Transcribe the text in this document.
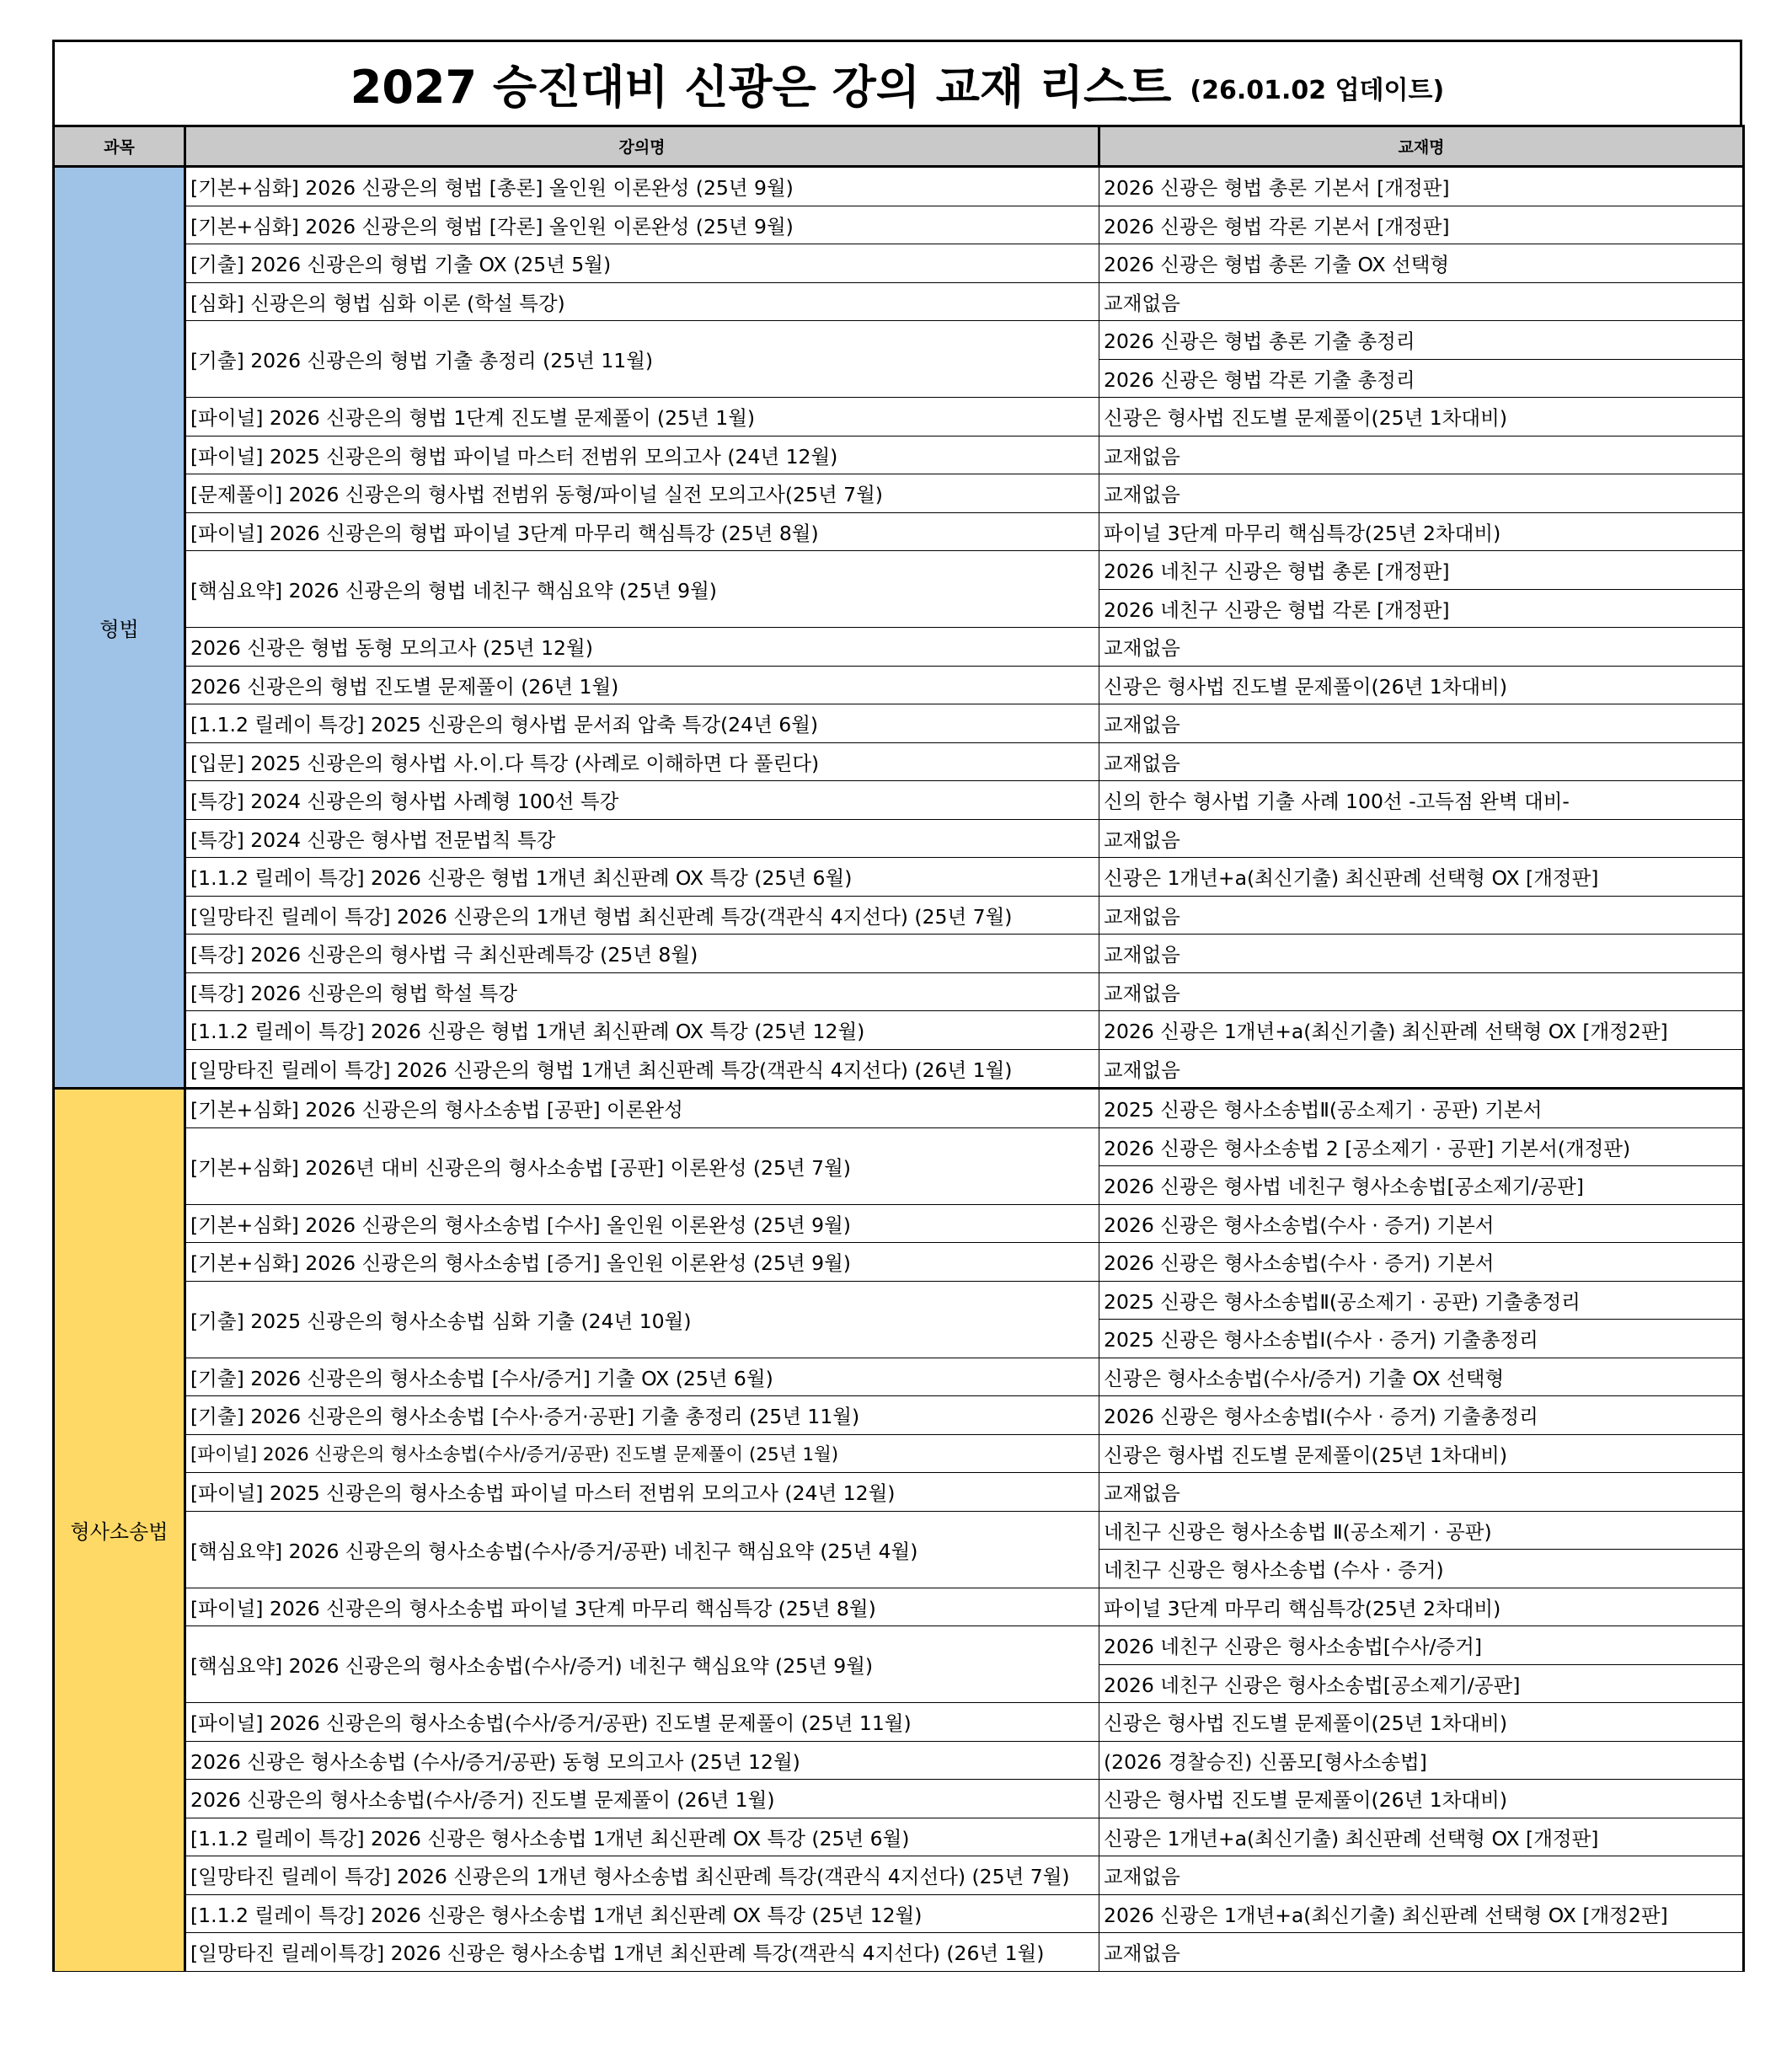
2027 승진대비 신광은 강의 교재 리스트 (26.01.02 업데이트)
과목	강의명	교재명
형법	[기본+심화] 2026 신광은의 형법 [총론] 올인원 이론완성 (25년 9월)	2026 신광은 형법 총론 기본서 [개정판]
	[기본+심화] 2026 신광은의 형법 [각론] 올인원 이론완성 (25년 9월)	2026 신광은 형법 각론 기본서 [개정판]
	[기출] 2026 신광은의 형법 기출 OX (25년 5월)	2026 신광은 형법 총론 기출 OX 선택형
	[심화] 신광은의 형법 심화 이론 (학설 특강)	교재없음
	[기출] 2026 신광은의 형법 기출 총정리 (25년 11월)	2026 신광은 형법 총론 기출 총정리
		2026 신광은 형법 각론 기출 총정리
	[파이널] 2026 신광은의 형법 1단계 진도별 문제풀이 (25년 1월)	신광은 형사법 진도별 문제풀이(25년 1차대비)
	[파이널] 2025 신광은의 형법 파이널 마스터 전범위 모의고사 (24년 12월)	교재없음
	[문제풀이] 2026 신광은의 형사법 전범위 동형/파이널 실전 모의고사(25년 7월)	교재없음
	[파이널] 2026 신광은의 형법 파이널 3단계 마무리 핵심특강 (25년 8월)	파이널 3단계 마무리 핵심특강(25년 2차대비)
	[핵심요약] 2026 신광은의 형법 네친구 핵심요약 (25년 9월)	2026 네친구 신광은 형법 총론 [개정판]
		2026 네친구 신광은 형법 각론 [개정판]
	2026 신광은 형법 동형 모의고사 (25년 12월)	교재없음
	2026 신광은의 형법 진도별 문제풀이 (26년 1월)	신광은 형사법 진도별 문제풀이(26년 1차대비)
	[1.1.2 릴레이 특강] 2025 신광은의 형사법 문서죄 압축 특강(24년 6월)	교재없음
	[입문] 2025 신광은의 형사법 사.이.다 특강 (사례로 이해하면 다 풀린다)	교재없음
	[특강] 2024 신광은의 형사법 사례형 100선 특강	신의 한수 형사법 기출 사례 100선 -고득점 완벽 대비-
	[특강] 2024 신광은 형사법 전문법칙 특강	교재없음
	[1.1.2 릴레이 특강] 2026 신광은 형법 1개년 최신판례 OX 특강 (25년 6월)	신광은 1개년+a(최신기출) 최신판례 선택형 OX [개정판]
	[일망타진 릴레이 특강] 2026 신광은의 1개년 형법 최신판례 특강(객관식 4지선다) (25년 7월)	교재없음
	[특강] 2026 신광은의 형사법 극 최신판례특강 (25년 8월)	교재없음
	[특강] 2026 신광은의 형법 학설 특강	교재없음
	[1.1.2 릴레이 특강] 2026 신광은 형법 1개년 최신판례 OX 특강 (25년 12월)	2026 신광은 1개년+a(최신기출) 최신판례 선택형 OX [개정2판]
	[일망타진 릴레이 특강] 2026 신광은의 형법 1개년 최신판례 특강(객관식 4지선다) (26년 1월)	교재없음
형사소송법	[기본+심화] 2026 신광은의 형사소송법 [공판] 이론완성	2025 신광은 형사소송법Ⅱ(공소제기 · 공판) 기본서
	[기본+심화] 2026년 대비 신광은의 형사소송법 [공판] 이론완성 (25년 7월)	2026 신광은 형사소송법 2 [공소제기 · 공판] 기본서(개정판)
		2026 신광은 형사법 네친구 형사소송법[공소제기/공판]
	[기본+심화] 2026 신광은의 형사소송법 [수사] 올인원 이론완성 (25년 9월)	2026 신광은 형사소송법(수사 · 증거) 기본서
	[기본+심화] 2026 신광은의 형사소송법 [증거] 올인원 이론완성 (25년 9월)	2026 신광은 형사소송법(수사 · 증거) 기본서
	[기출] 2025 신광은의 형사소송법 심화 기출 (24년 10월)	2025 신광은 형사소송법Ⅱ(공소제기 · 공판) 기출총정리
		2025 신광은 형사소송법Ⅰ(수사 · 증거) 기출총정리
	[기출] 2026 신광은의 형사소송법 [수사/증거] 기출 OX (25년 6월)	신광은 형사소송법(수사/증거) 기출 OX 선택형
	[기출] 2026 신광은의 형사소송법 [수사·증거·공판] 기출 총정리 (25년 11월)	2026 신광은 형사소송법Ⅰ(수사 · 증거) 기출총정리
	[파이널] 2026 신광은의 형사소송법(수사/증거/공판) 진도별 문제풀이 (25년 1월)	신광은 형사법 진도별 문제풀이(25년 1차대비)
	[파이널] 2025 신광은의 형사소송법 파이널 마스터 전범위 모의고사 (24년 12월)	교재없음
	[핵심요약] 2026 신광은의 형사소송법(수사/증거/공판) 네친구 핵심요약 (25년 4월)	네친구 신광은 형사소송법 Ⅱ(공소제기 · 공판)
		네친구 신광은 형사소송법 (수사 · 증거)
	[파이널] 2026 신광은의 형사소송법 파이널 3단계 마무리 핵심특강 (25년 8월)	파이널 3단계 마무리 핵심특강(25년 2차대비)
	[핵심요약] 2026 신광은의 형사소송법(수사/증거) 네친구 핵심요약 (25년 9월)	2026 네친구 신광은 형사소송법[수사/증거]
		2026 네친구 신광은 형사소송법[공소제기/공판]
	[파이널] 2026 신광은의 형사소송법(수사/증거/공판) 진도별 문제풀이 (25년 11월)	신광은 형사법 진도별 문제풀이(25년 1차대비)
	2026 신광은 형사소송법 (수사/증거/공판) 동형 모의고사 (25년 12월)	(2026 경찰승진) 신품모[형사소송법]
	2026 신광은의 형사소송법(수사/증거) 진도별 문제풀이 (26년 1월)	신광은 형사법 진도별 문제풀이(26년 1차대비)
	[1.1.2 릴레이 특강] 2026 신광은 형사소송법 1개년 최신판례 OX 특강 (25년 6월)	신광은 1개년+a(최신기출) 최신판례 선택형 OX [개정판]
	[일망타진 릴레이 특강] 2026 신광은의 1개년 형사소송법 최신판례 특강(객관식 4지선다) (25년 7월)	교재없음
	[1.1.2 릴레이 특강] 2026 신광은 형사소송법 1개년 최신판례 OX 특강 (25년 12월)	2026 신광은 1개년+a(최신기출) 최신판례 선택형 OX [개정2판]
	[일망타진 릴레이특강] 2026 신광은 형사소송법 1개년 최신판례 특강(객관식 4지선다) (26년 1월)	교재없음
